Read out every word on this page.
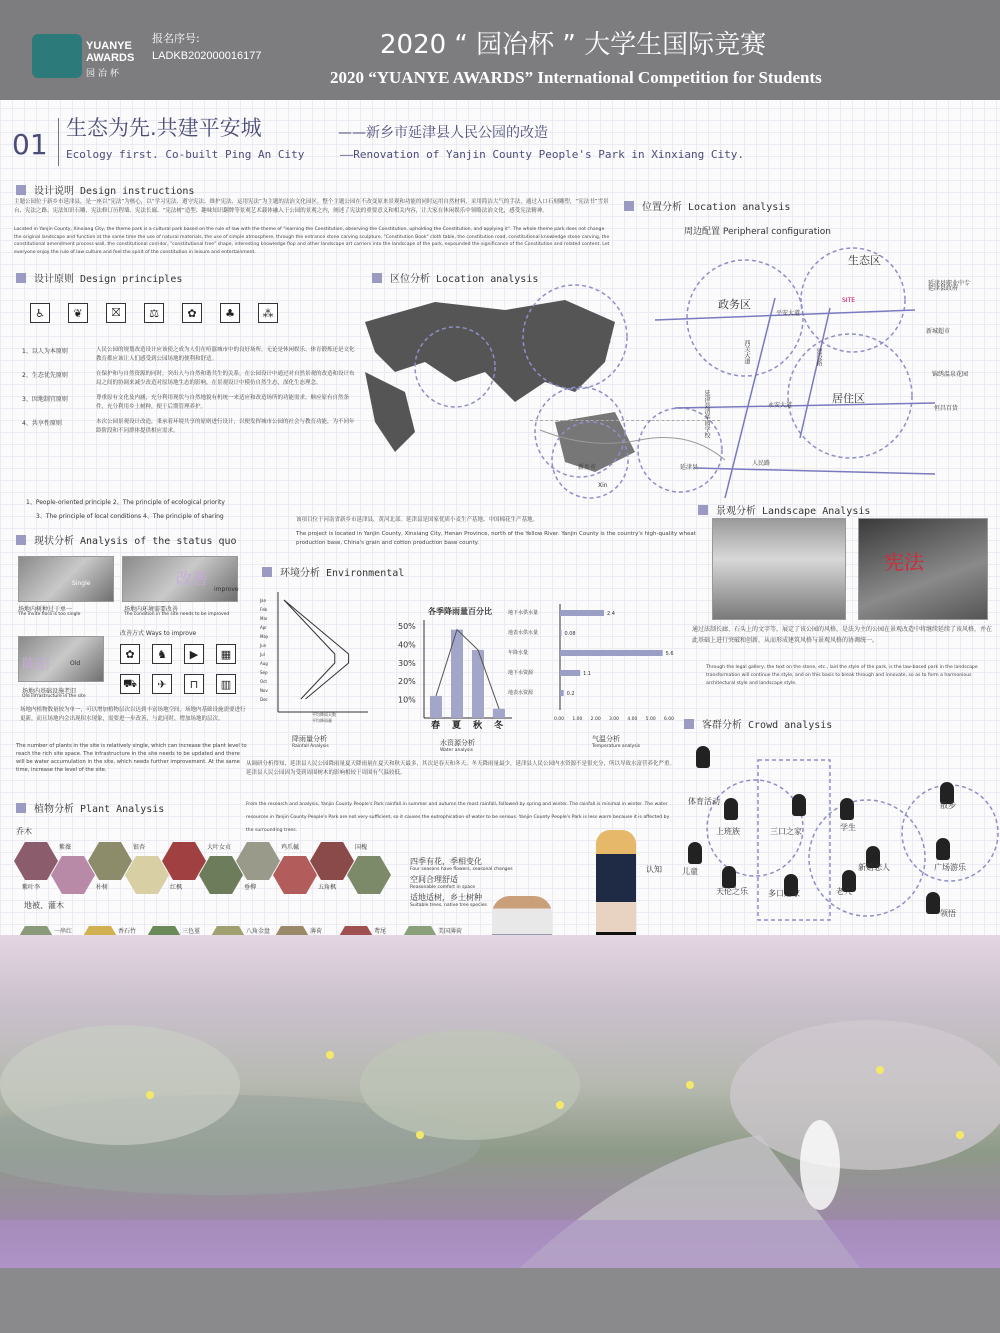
YUANYE
AWARDS
园冶杯
报名序号:
LADKB202000016177	2020 “ 园冶杯 ” 大学生国际竞赛
2020 “YUANYE AWARDS” International Competition for Students
01 生态为先.共建平安城	——新乡市延津县人民公园的改造
Ecology first. Co-built Ping An City	——Renovation of Yanjin County People's Park in Xinxiang City.
设计说明 Design instructions
主题公园位于新乡市延津县，是一座以“宪法”为核心，以“学习宪法、遵守宪法、维护宪法、运用宪法”为主题的法治文化园区。整个主题公园在不改变原来景观和功能的同时运用自然材料，采用简洁大气的手法，通过入口石刻雕塑，“宪法书”雪景台、宪法之路、宪法知识石雕、宪法修订历程墙、宪法长廊、“宪法树”造型、趣味知识翻牌等景观艺术载体融入于公园的景观之内，阐述了宪法的重要意义和相关内容，让大家在休闲娱乐中领略法治文化，感受宪法精神。
Located in Yanjin County, Xinxiang City, the theme park is a cultural park based on the rule of law with the theme of "learning the Constitution, observing the Constitution, upholding the Constitution, and applying it". The whole theme park does not change the original landscape and function at the same time the use of natural materials, the use of simple atmosphere, through the entrance stone carving sculpture, "Constitution Book" cloth table, the constitution road, constitutional knowledge stone carving, the constitutional amendment process wall, the constitutional corridor, "constitutional tree" shape, interesting knowledge flop and other landscape art carriers into the landscape of the park, expounded the significance of the Constitution and related content. Let everyone enjoy the rule of law culture and feel the spirit of the constitution in leisure and entertainment.
设计原则 Design principles
♿	❦	⛝	⚖	✿	♣	⁂
1、以人为本原则	人民公园的规划改造设计应该使之成为人们在喧嚣城市中的良好场所。无论是休闲娱乐、体育锻炼还是文化教育都应该让人们感受到公园场地的便利和舒适。
2、生态优先原则	在保护和与自然资源的同时，突出人与自然和谐共生的关系。在公园设计中通过对自然景观的改造和设计布局之间的协调来减少改造对原场地生态的影响。在景观设计中模仿自然生态，深化生态理念。
3、因地制宜原则	尊重原有文化及内涵，充分利用现状与自然地貌有机统一来适应和改造场所的功能需求。顺应原有自然条件，充分利用乡土树种，便于后期管理养护。
4、共享性原则	本次公园景观设计改造，秉承着环境共享的原则进行设计，以便发挥城市公园的社会与教育功能，为不同年龄阶段和不同群体提供相应需求。
1、People-oriented principle 2、The principle of ecological priority
3、The principle of local conditions 4、The principle of sharing
区位分析 Location analysis
新乡市	延津县
Xin
该项目位于河南省新乡市延津县，黄河北部。延津县是国家优质小麦生产基地、中国棉花生产基地。
The project is located in Yanjin County, Xinxiang City, Henan Province, north of the Yellow River. Yanjin County is the country's high-quality wheat production base, China's grain and cotton production base county.
位置分析 Location analysis
周边配置 Peripheral configuration
生态区
政务区
居住区
SITE
延津县职业中专
延津县政府
新城超市
锦绣温泉花园
恒昌百货
平安大道
西关大道	建设路
永安大道
延津县清华园学校
人民路
现状分析 Analysis of the status quo
Single
场地内树种过于单一
The invite flora is too single
改善
improve
场地内环境需要改善
The condition in the site needs to be improved
陈旧	Old
场地内基础设施老旧
Old infrastructure in the site
改善方式 Ways to improve
✿	♞	▶	▦
⛟	✈	⊓	▥
场地内植物数量较为单一，可以增加植物层次以达到丰富场地空间。场地内基础设施需要进行更新，而且场地内会出现积水现象，需要进一步改善，与此同时，增加场地的层次。
The number of plants in the site is relatively single, which can increase the plant level to reach the rich site space. The infrastructure in the site needs to be updated and there will be water accumulation in the site, which needs further improvement. At the same time, increase the level of the site.
环境分析 Environmental
Jan
Feb
Mar
Apr
May
Jun
Jul
Aug
Sep
Oct
Nov
Dec
平均降雨天数
平均降雨量
降雨量分析
Rainfall Analysis
各季降雨量百分比
50%
40%
30%
20%
10%
春 夏 秋 冬
水资源分析
Water analysis
地下水供水量	2.4
地表水供水量	0.08
年降水量	5.6
地下水资源	1.1
地表水资源	0.2
0.00 1.00 2.00 3.00 4.00 5.00 6.00
气温分析
Temperature analysis
从调研分析得知，延津县人民公园降雨量夏天降雨量在夏天和秋天最多，其次是春天和冬天。冬天降雨量最少，延津县人民公园内水资源不是很充分，所以导致水富营养化严重。延津县人民公园因为受到周围树木的影响相较于周围有气温较低。
From the research and analysis, Yanjin County People's Park rainfall in summer and autumn the most rainfall, followed by spring and winter. The rainfall is minimal in winter. The water resources in Yanjin County People's Park are not very sufficient, so it causes the eutrophication of water to be serious. Yanjin County People's Park is less warm because it is affected by the surrounding trees.
景观分析 Landscape Analysis
宪法
通过法制长廊、石头上的文字等，展定了该公园的风格，是法为主的公园在景观改造中将继续延续了该风格，并在此基础上进行突破和创新，从而形成建筑风格与景观风格的协调统一。
Through the legal gallery, the text on the stone, etc., laid the style of the park, is the law-based park in the landscape transformation will continue the style, and on this basis to break through and innovate, so as to form a harmonious architectural style and landscape style.
客群分析 Crowd analysis
体育活动
上班族	三口之家	学生
散步
儿童	新婚恋人	广场游乐
天伦之乐	多口之家	老人
领悟
认知
植物分析 Plant Analysis
乔木
紫叶李
紫薇
朴树
银杏
红枫
大叶女贞
垂柳
鸡爪槭
五角枫
国槐
地被、灌木
一串红	香石竹	三色堇	八角金盘	薄荷	鸢尾	美国薄荷
四季有花，季相变化
Four seasons have flowers, seasonal changes
空间合理舒适
Reasonable comfort in space
适地适树，乡土树种
Suitable trees, native tree species
